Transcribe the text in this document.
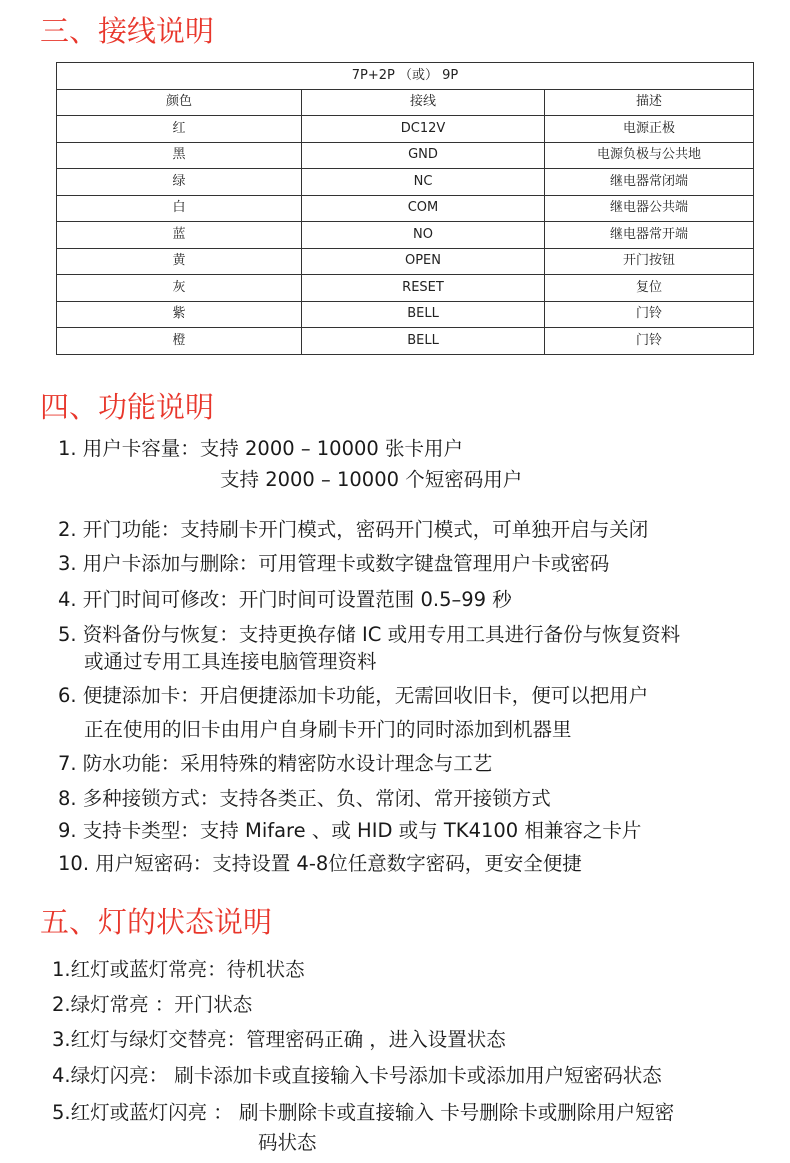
三、接线说明
7P+2P （或） 9P		
颜色	接线	描述
红	DC12V	电源正极
黑	GND	电源负极与公共地
绿	NC	继电器常闭端
白	COM	继电器公共端
蓝	NO	继电器常开端
黄	OPEN	开门按钮
灰	RESET	复位
紫	BELL	门铃
橙	BELL	门铃
四、功能说明
1. 用户卡容量：支持 2000 – 10000 张卡用户
支持 2000 – 10000 个短密码用户
2. 开门功能：支持刷卡开门模式，密码开门模式，可单独开启与关闭
3. 用户卡添加与删除：可用管理卡或数字键盘管理用户卡或密码
4. 开门时间可修改：开门时间可设置范围 0.5–99 秒
5. 资料备份与恢复：支持更换存储 IC 或用专用工具进行备份与恢复资料
或通过专用工具连接电脑管理资料
6. 便捷添加卡：开启便捷添加卡功能，无需回收旧卡，便可以把用户
正在使用的旧卡由用户自身刷卡开门的同时添加到机器里
7. 防水功能：采用特殊的精密防水设计理念与工艺
8. 多种接锁方式：支持各类正、负、常闭、常开接锁方式
9. 支持卡类型：支持 Mifare 、或 HID 或与 TK4100 相兼容之卡片
10. 用户短密码：支持设置 4-8位任意数字密码，更安全便捷
五、灯的状态说明
1.红灯或蓝灯常亮：待机状态
2.绿灯常亮 ：开门状态
3.红灯与绿灯交替亮：管理密码正确 ，进入设置状态
4.绿灯闪亮： 刷卡添加卡或直接输入卡号添加卡或添加用户短密码状态
5.红灯或蓝灯闪亮 ： 刷卡删除卡或直接输入 卡号删除卡或删除用户短密
码状态
